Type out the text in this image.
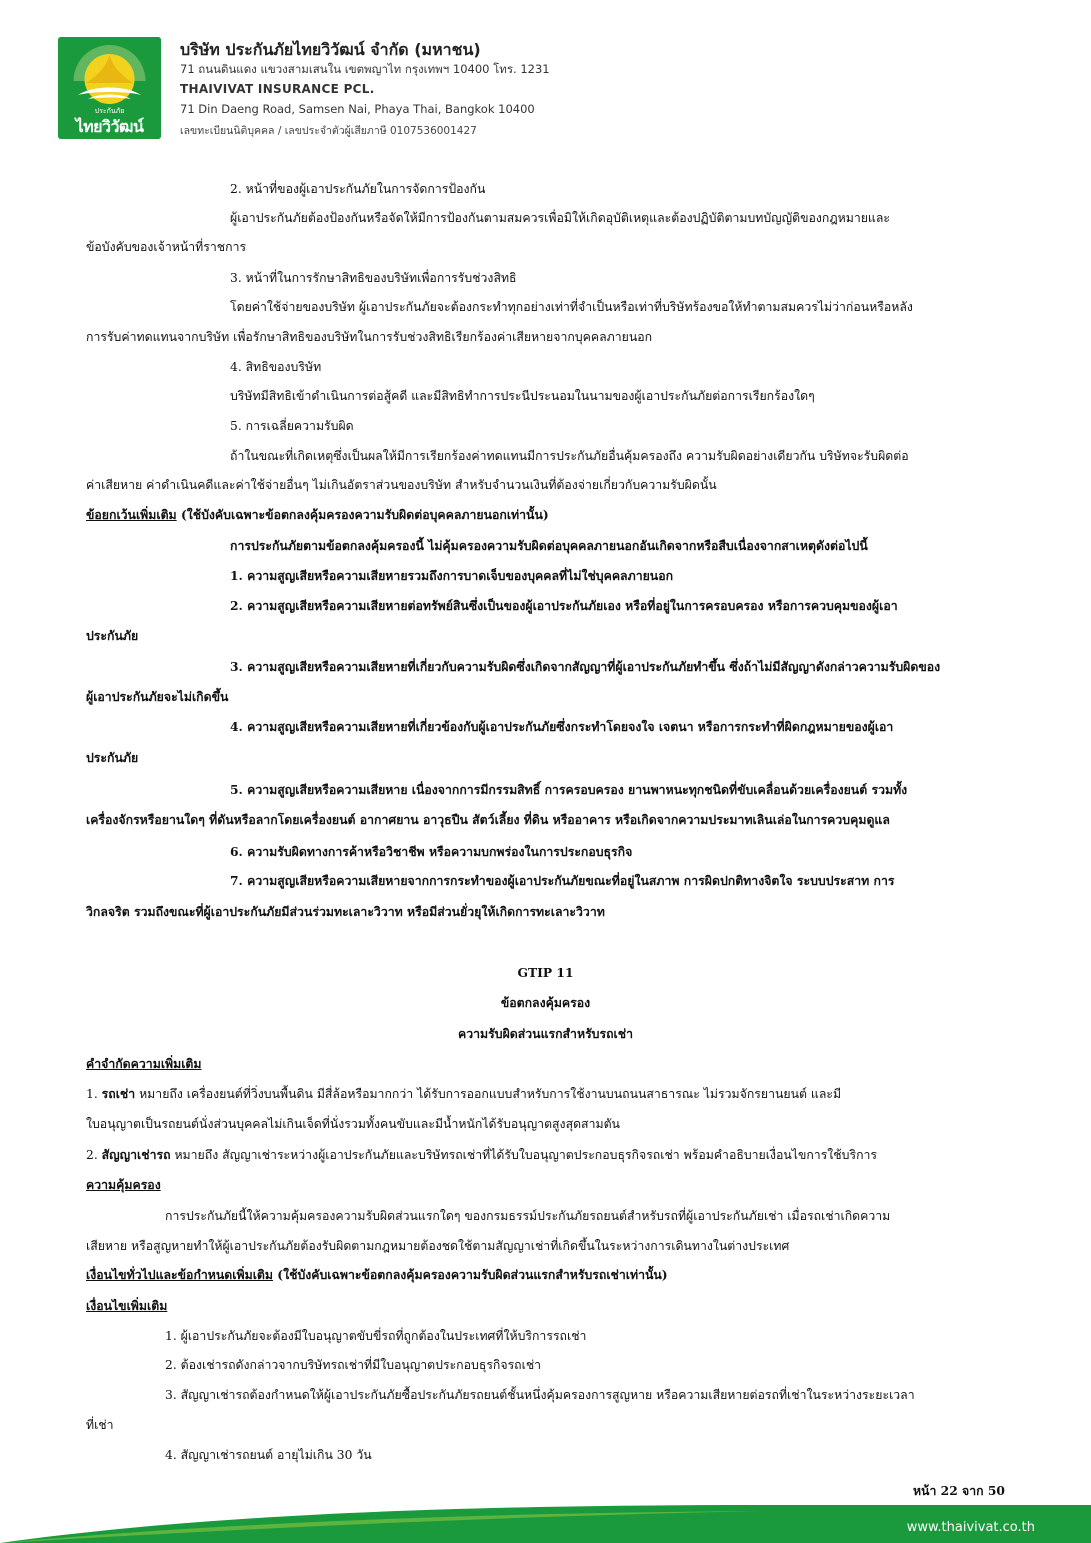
ประกันภัย
ไทยวิวัฒน์
บริษัท ประกันภัยไทยวิวัฒน์ จำกัด (มหาชน)
71 ถนนดินแดง แขวงสามเสนใน เขตพญาไท กรุงเทพฯ 10400 โทร. 1231
THAIVIVAT INSURANCE PCL.
71 Din Daeng Road, Samsen Nai, Phaya Thai, Bangkok 10400
เลขทะเบียนนิติบุคคล / เลขประจำตัวผู้เสียภาษี 0107536001427
2. หน้าที่ของผู้เอาประกันภัยในการจัดการป้องกัน
ผู้เอาประกันภัยต้องป้องกันหรือจัดให้มีการป้องกันตามสมควรเพื่อมิให้เกิดอุบัติเหตุและต้องปฏิบัติตามบทบัญญัติของกฎหมายและ
ข้อบังคับของเจ้าหน้าที่ราชการ
3. หน้าที่ในการรักษาสิทธิของบริษัทเพื่อการรับช่วงสิทธิ
โดยค่าใช้จ่ายของบริษัท ผู้เอาประกันภัยจะต้องกระทำทุกอย่างเท่าที่จำเป็นหรือเท่าที่บริษัทร้องขอให้ทำตามสมควรไม่ว่าก่อนหรือหลัง
การรับค่าทดแทนจากบริษัท เพื่อรักษาสิทธิของบริษัทในการรับช่วงสิทธิเรียกร้องค่าเสียหายจากบุคคลภายนอก
4. สิทธิของบริษัท
บริษัทมีสิทธิเข้าดำเนินการต่อสู้คดี และมีสิทธิทำการประนีประนอมในนามของผู้เอาประกันภัยต่อการเรียกร้องใดๆ
5. การเฉลี่ยความรับผิด
ถ้าในขณะที่เกิดเหตุซึ่งเป็นผลให้มีการเรียกร้องค่าทดแทนมีการประกันภัยอื่นคุ้มครองถึง ความรับผิดอย่างเดียวกัน บริษัทจะรับผิดต่อ
ค่าเสียหาย ค่าดำเนินคดีและค่าใช้จ่ายอื่นๆ ไม่เกินอัตราส่วนของบริษัท สำหรับจำนวนเงินที่ต้องจ่ายเกี่ยวกับความรับผิดนั้น
ข้อยกเว้นเพิ่มเติม (ใช้บังคับเฉพาะข้อตกลงคุ้มครองความรับผิดต่อบุคคลภายนอกเท่านั้น)
การประกันภัยตามข้อตกลงคุ้มครองนี้ ไม่คุ้มครองความรับผิดต่อบุคคลภายนอกอันเกิดจากหรือสืบเนื่องจากสาเหตุดังต่อไปนี้
1. ความสูญเสียหรือความเสียหายรวมถึงการบาดเจ็บของบุคคลที่ไม่ใช่บุคคลภายนอก
2. ความสูญเสียหรือความเสียหายต่อทรัพย์สินซึ่งเป็นของผู้เอาประกันภัยเอง หรือที่อยู่ในการครอบครอง หรือการควบคุมของผู้เอา
ประกันภัย
3. ความสูญเสียหรือความเสียหายที่เกี่ยวกับความรับผิดซึ่งเกิดจากสัญญาที่ผู้เอาประกันภัยทำขึ้น ซึ่งถ้าไม่มีสัญญาดังกล่าวความรับผิดของ
ผู้เอาประกันภัยจะไม่เกิดขึ้น
4. ความสูญเสียหรือความเสียหายที่เกี่ยวข้องกับผู้เอาประกันภัยซึ่งกระทำโดยจงใจ เจตนา หรือการกระทำที่ผิดกฎหมายของผู้เอา
ประกันภัย
5. ความสูญเสียหรือความเสียหาย เนื่องจากการมีกรรมสิทธิ์ การครอบครอง ยานพาหนะทุกชนิดที่ขับเคลื่อนด้วยเครื่องยนต์ รวมทั้ง
เครื่องจักรหรือยานใดๆ ที่ดันหรือลากโดยเครื่องยนต์ อากาศยาน อาวุธปืน สัตว์เลี้ยง ที่ดิน หรืออาคาร หรือเกิดจากความประมาทเลินเล่อในการควบคุมดูแล
6. ความรับผิดทางการค้าหรือวิชาชีพ หรือความบกพร่องในการประกอบธุรกิจ
7. ความสูญเสียหรือความเสียหายจากการกระทำของผู้เอาประกันภัยขณะที่อยู่ในสภาพ การผิดปกติทางจิตใจ ระบบประสาท การ
วิกลจริต รวมถึงขณะที่ผู้เอาประกันภัยมีส่วนร่วมทะเลาะวิวาท หรือมีส่วนยั่วยุให้เกิดการทะเลาะวิวาท
GTIP 11
ข้อตกลงคุ้มครอง
ความรับผิดส่วนแรกสำหรับรถเช่า
คำจำกัดความเพิ่มเติม
1. รถเช่า หมายถึง เครื่องยนต์ที่วิ่งบนพื้นดิน มีสี่ล้อหรือมากกว่า ได้รับการออกแบบสำหรับการใช้งานบนถนนสาธารณะ ไม่รวมจักรยานยนต์ และมี
ใบอนุญาตเป็นรถยนต์นั่งส่วนบุคคลไม่เกินเจ็ดที่นั่งรวมทั้งคนขับและมีน้ำหนักได้รับอนุญาตสูงสุดสามตัน
2. สัญญาเช่ารถ หมายถึง สัญญาเช่าระหว่างผู้เอาประกันภัยและบริษัทรถเช่าที่ได้รับใบอนุญาตประกอบธุรกิจรถเช่า พร้อมคำอธิบายเงื่อนไขการใช้บริการ
ความคุ้มครอง
การประกันภัยนี้ให้ความคุ้มครองความรับผิดส่วนแรกใดๆ ของกรมธรรม์ประกันภัยรถยนต์สำหรับรถที่ผู้เอาประกันภัยเช่า เมื่อรถเช่าเกิดความ
เสียหาย หรือสูญหายทำให้ผู้เอาประกันภัยต้องรับผิดตามกฎหมายต้องชดใช้ตามสัญญาเช่าที่เกิดขึ้นในระหว่างการเดินทางในต่างประเทศ
เงื่อนไขทั่วไปและข้อกำหนดเพิ่มเติม (ใช้บังคับเฉพาะข้อตกลงคุ้มครองความรับผิดส่วนแรกสำหรับรถเช่าเท่านั้น)
เงื่อนไขเพิ่มเติม
1. ผู้เอาประกันภัยจะต้องมีใบอนุญาตขับขี่รถที่ถูกต้องในประเทศที่ให้บริการรถเช่า
2. ต้องเช่ารถดังกล่าวจากบริษัทรถเช่าที่มีใบอนุญาตประกอบธุรกิจรถเช่า
3. สัญญาเช่ารถต้องกำหนดให้ผู้เอาประกันภัยซื้อประกันภัยรถยนต์ชั้นหนึ่งคุ้มครองการสูญหาย หรือความเสียหายต่อรถที่เช่าในระหว่างระยะเวลา
ที่เช่า
4. สัญญาเช่ารถยนต์ อายุไม่เกิน 30 วัน
หน้า 22 จาก 50
www.thaivivat.co.th
